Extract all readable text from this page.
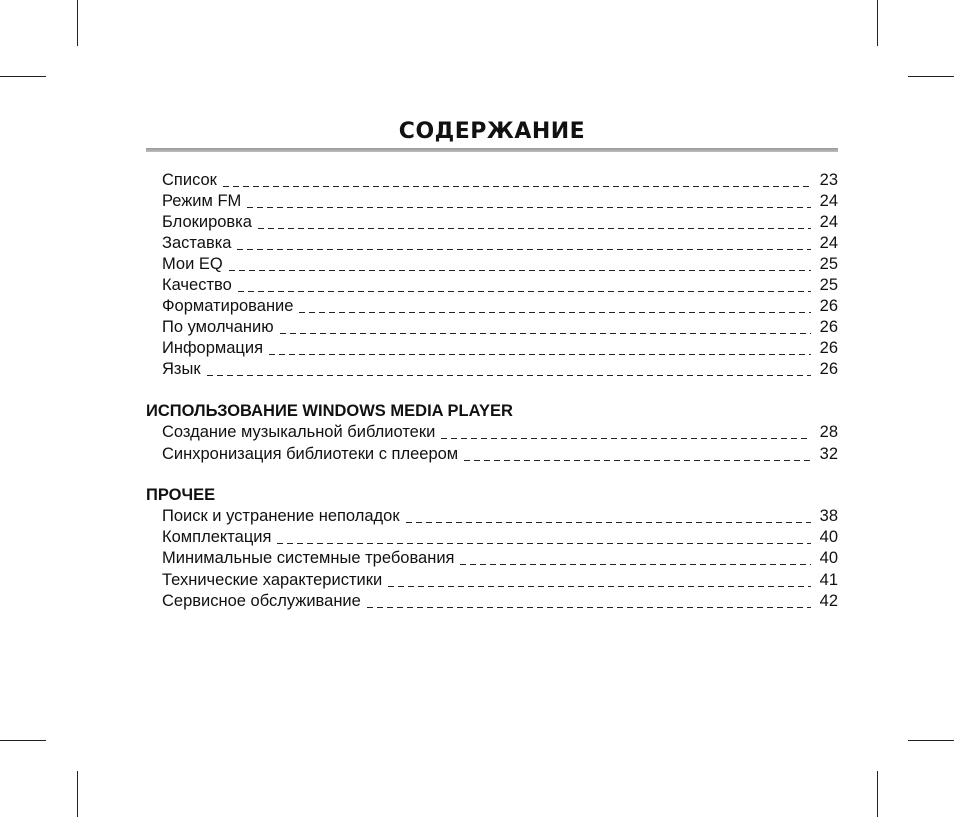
СОДЕРЖАНИЕ
Список	23
Режим FM	24
Блокировка	24
Заставка	24
Мои EQ	25
Качество	25
Форматирование	26
По умолчанию	26
Информация	26
Язык	26
ИСПОЛЬЗОВАНИЕ WINDOWS MEDIA PLAYER
Создание музыкальной библиотеки	28
Синхронизация библиотеки с плеером	32
ПРОЧЕЕ
Поиск и устранение неполадок	38
Комплектация	40
Минимальные системные требования	40
Технические характеристики	41
Сервисное обслуживание	42
